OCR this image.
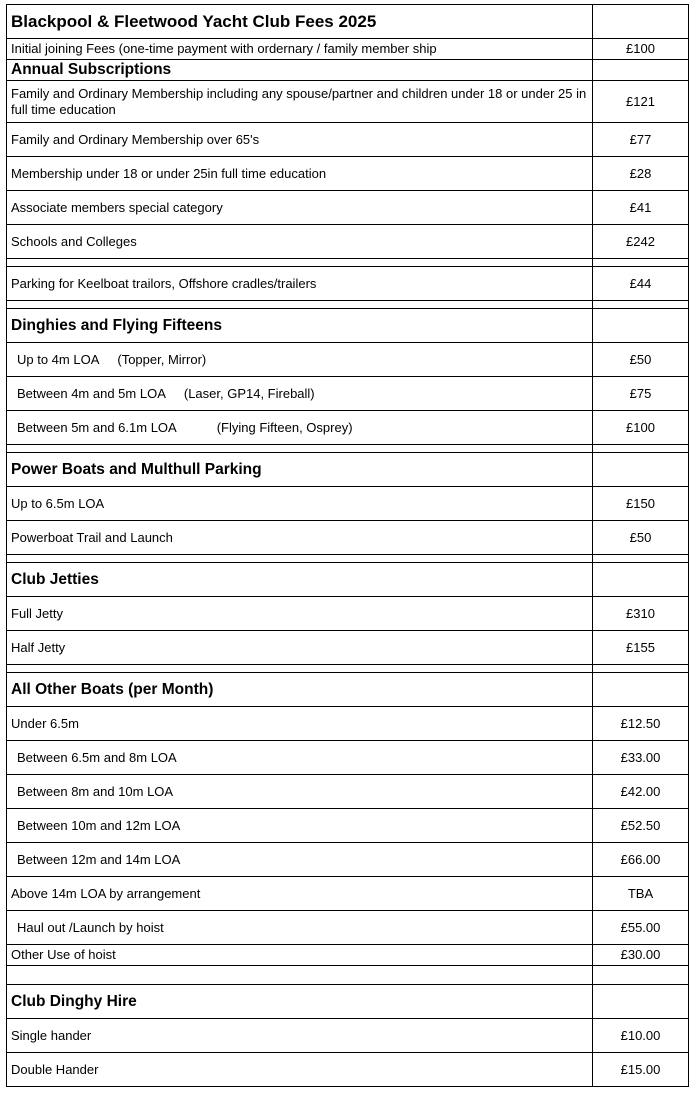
Blackpool & Fleetwood Yacht Club Fees 2025	
Initial joining Fees (one-time payment with ordernary / family member ship	£100
Annual Subscriptions	
Family and Ordinary Membership including any spouse/partner and children under 18 or under 25 in full time education	£121
Family and Ordinary Membership over 65's	£77
Membership under 18 or under 25in full time education	£28
Associate members special category	£41
Schools and Colleges	£242

Parking for Keelboat trailors, Offshore cradles/trailers	£44

Dinghies and Flying Fifteens	
Up to 4m LOA (Topper, Mirror)	£50
Between 4m and 5m LOA (Laser, GP14, Fireball)	£75
Between 5m and 6.1m LOA (Flying Fifteen, Osprey)	£100

Power Boats and Multhull Parking	
Up to 6.5m LOA	£150
Powerboat Trail and Launch	£50

Club Jetties	
Full Jetty	£310
Half Jetty	£155

All Other Boats (per Month)	
Under 6.5m	£12.50
Between 6.5m and 8m LOA	£33.00
Between 8m and 10m LOA	£42.00
Between 10m and 12m LOA	£52.50
Between 12m and 14m LOA	£66.00
Above 14m LOA by arrangement	TBA
Haul out /Launch by hoist	£55.00
Other Use of hoist	£30.00

Club Dinghy Hire	
Single hander	£10.00
Double Hander	£15.00
